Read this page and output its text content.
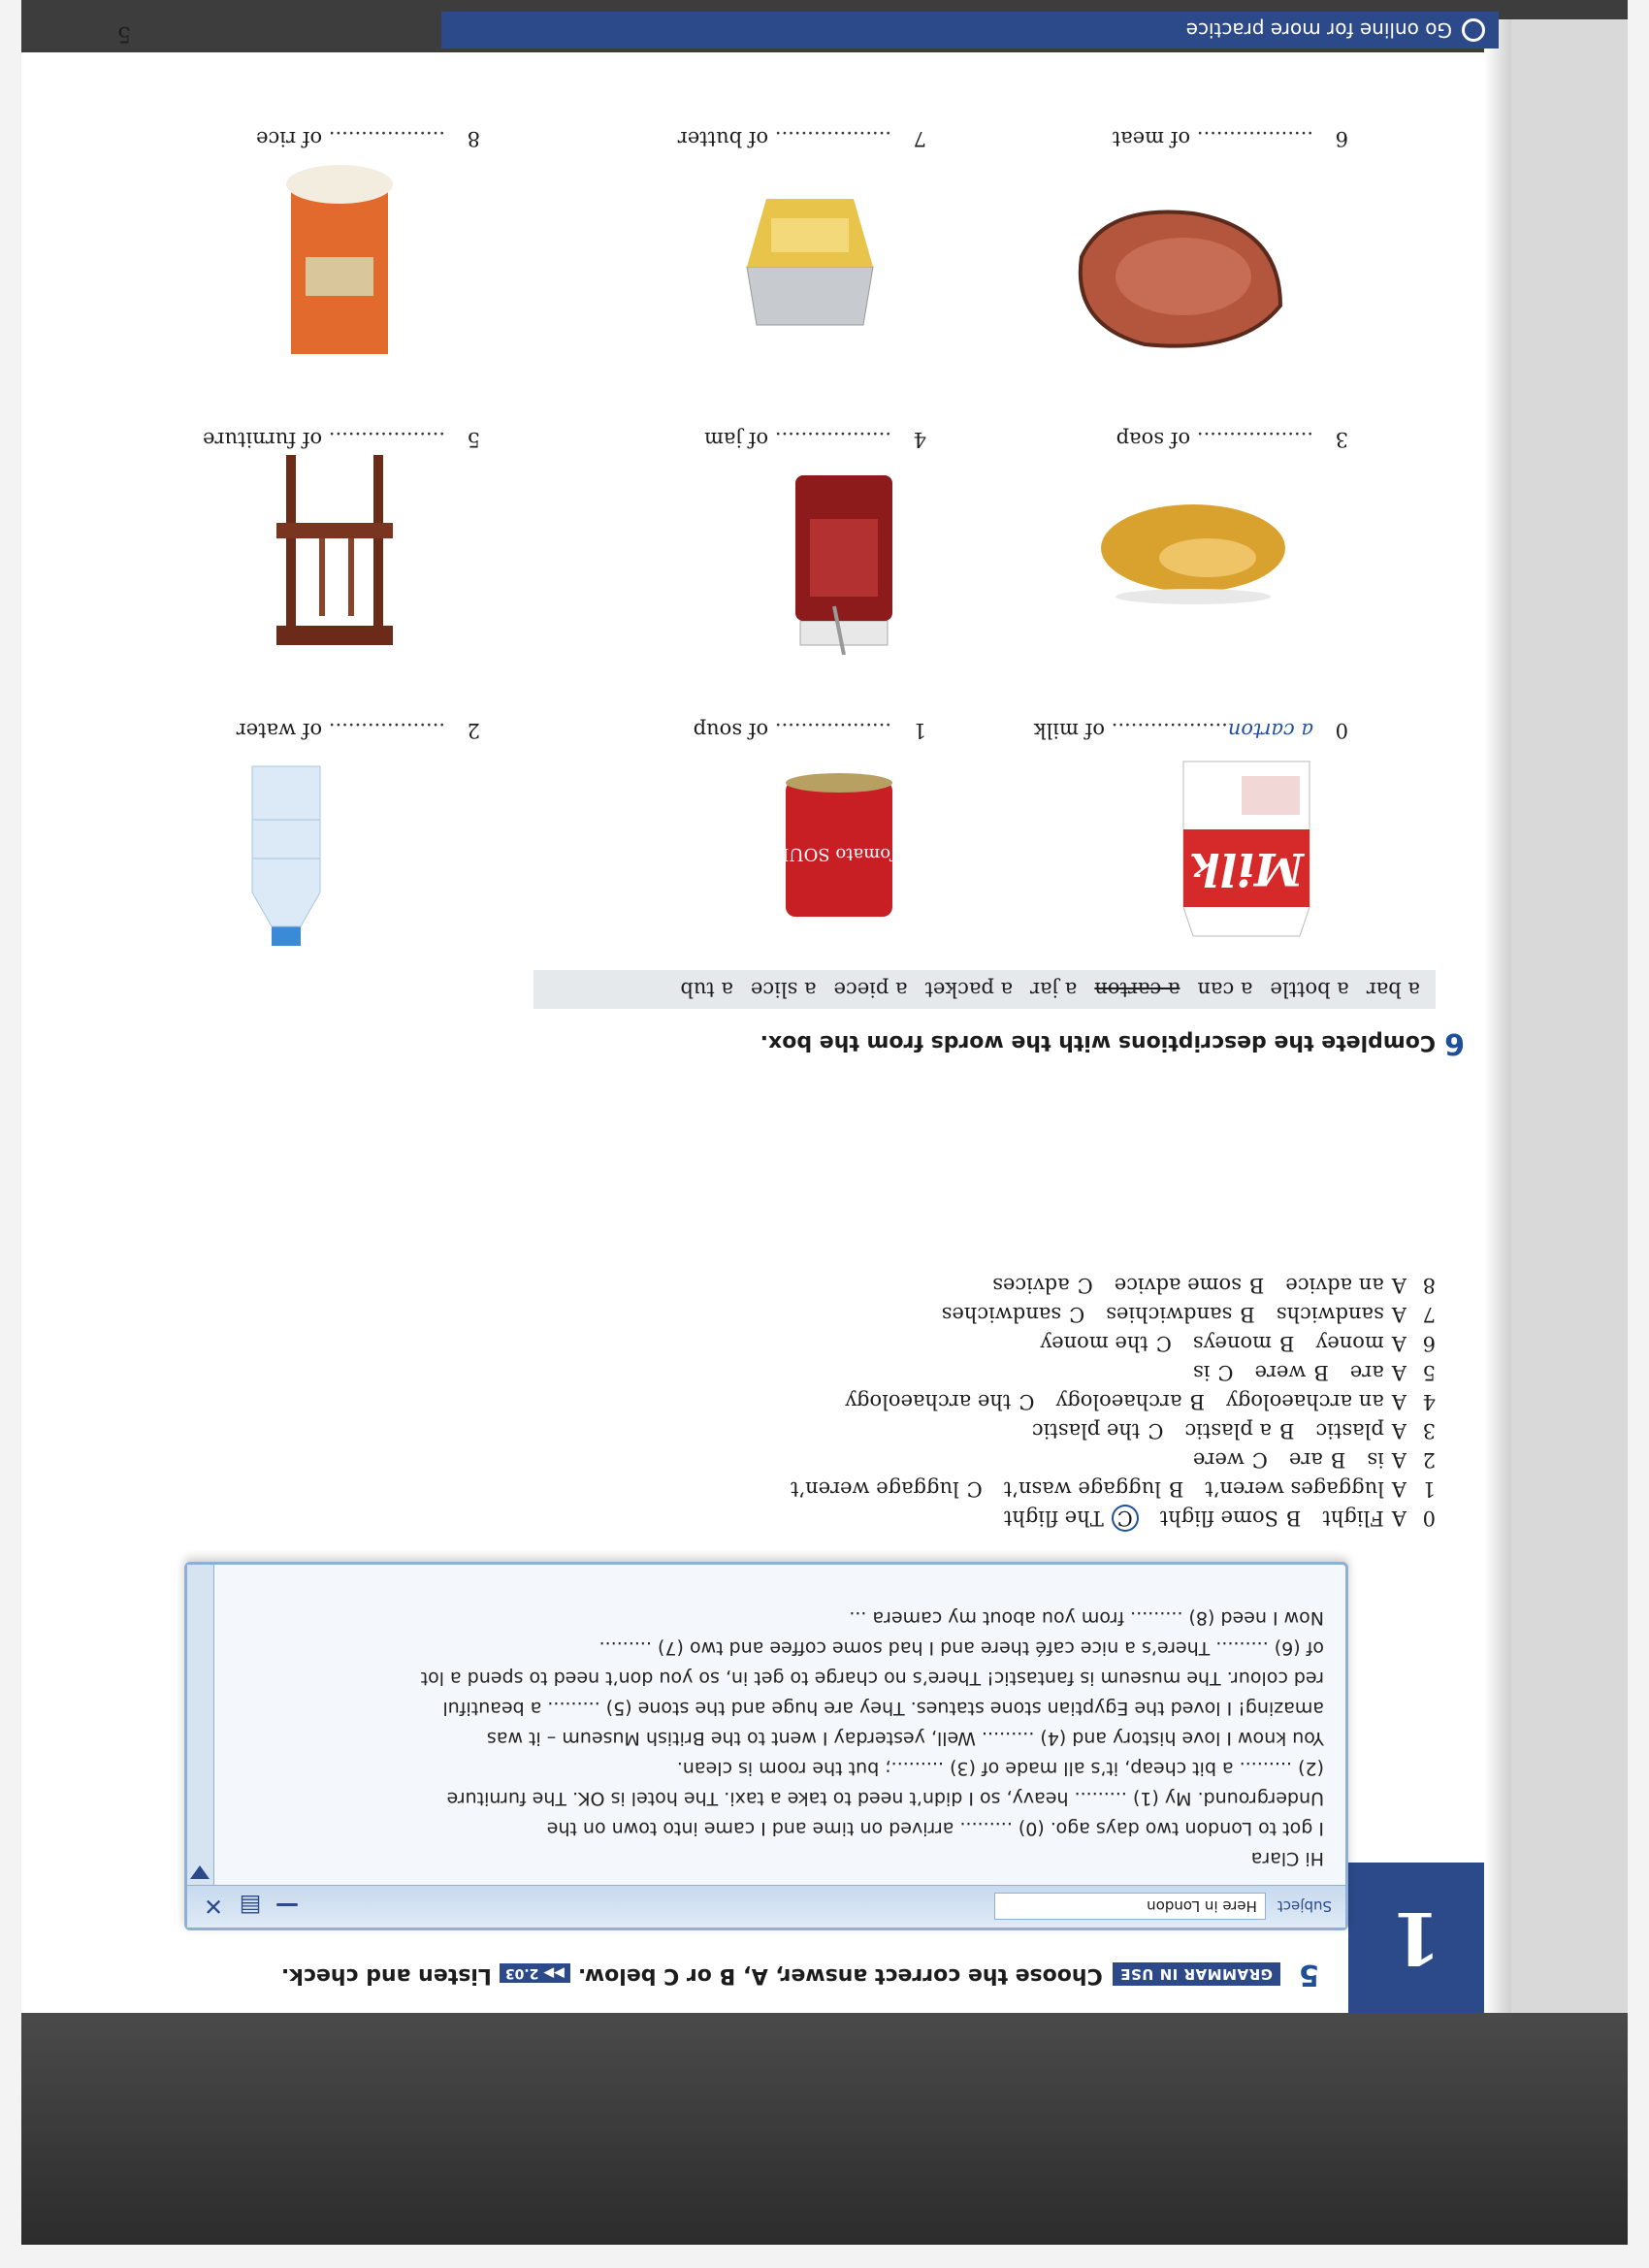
1
5
GRAMMAR IN USEChoose the correct answer, A, B or C below.▶▶ 2.03Listen and check.
Subject
Here in London
—
▤
✕
Hi Clara
I got to London two days ago. (0) ......... arrived on time and I came into town on the
Underground. My (1) ......... heavy, so I didn’t need to take a taxi. The hotel is OK. The furniture
(2) ......... a bit cheap, it’s all made of (3) .........; but the room is clean.
You know I love history and (4) ......... Well, yesterday I went to the British Museum – it was
amazing! I loved the Egyptian stone statues. They are huge and the stone (5) ......... a beautiful
red colour. The museum is fantastic! There’s no charge to get in, so you don’t need to spend a lot
of (6) ......... There’s a nice café there and I had some coffee and two (7) .........
Now I need (8) ......... from you about my camera ...
0AFlightBSome flightCThe flight
1Aluggages weren’tBluggage wasn’tCluggage weren’t
2AisBareCwere
3AplasticBa plasticCthe plastic
4Aan archaeologyBarchaeologyCthe archaeology
5AareBwereCis
6AmoneyBmoneysCthe money
7AsandwichsBsandwichiesCsandwiches
8Aan adviceBsome adviceCadvices
6
Complete the descriptions with the words from the box.
a bar
a bottle
a can
a carton
a jar
a packet
a piece
a slice
a tub
Milk
Tomato SOUP
0a carton.................. of milk
1.................. of soup
2.................. of water
3.................. of soap
4.................. of jam
5.................. of furniture
6.................. of meat
7.................. of butter
8.................. of rice
Go online for more practice
5
